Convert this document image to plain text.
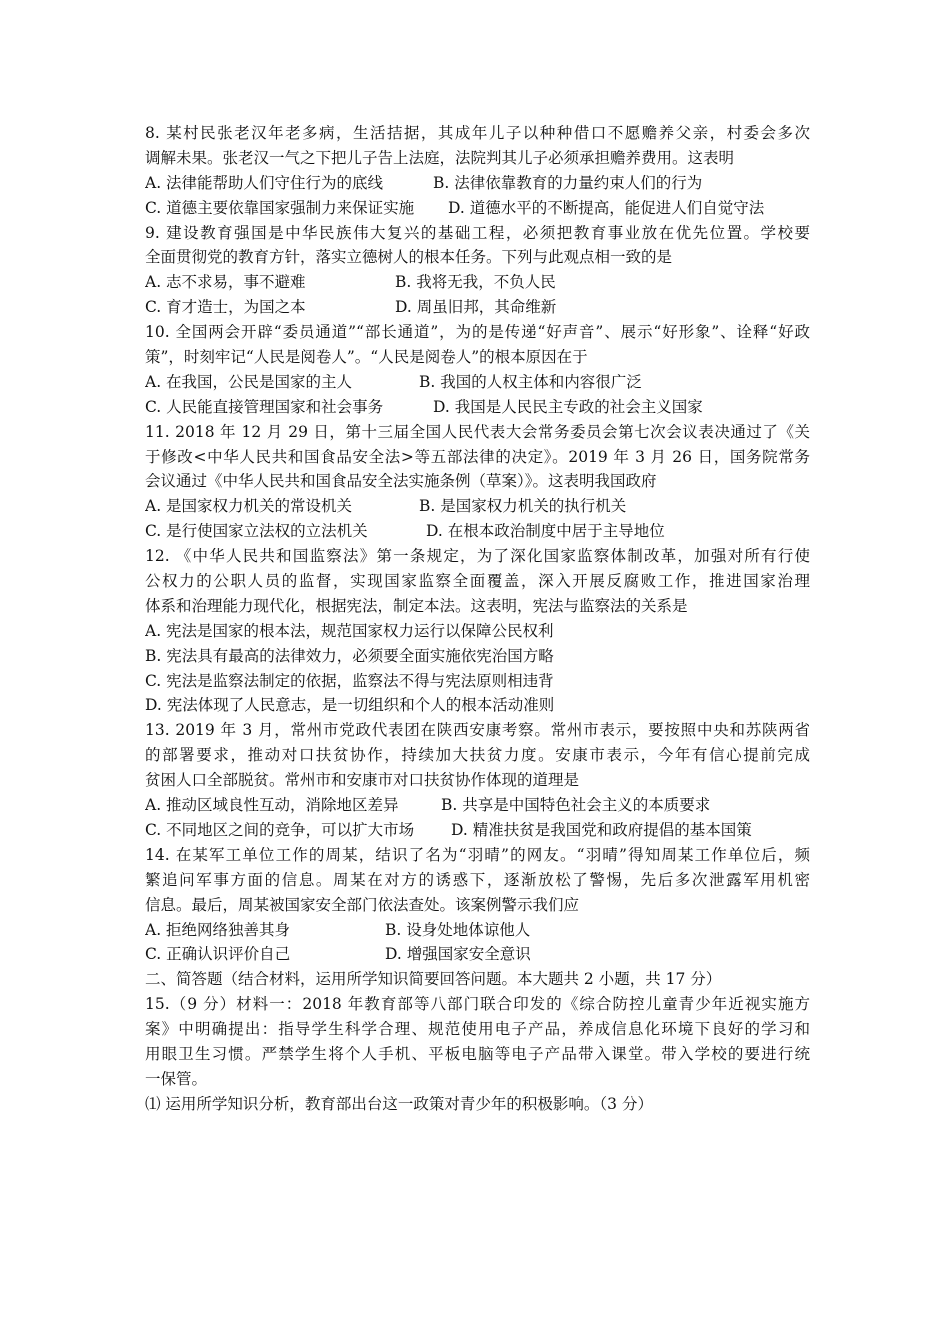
8. 某村民张老汉年老多病，生活拮据，其成年儿子以种种借口不愿赡养父亲，村委会多次
调解未果。张老汉一气之下把儿子告上法庭，法院判其儿子必须承担赡养费用。这表明
A. 法律能帮助人们守住行为的底线	B. 法律依靠教育的力量约束人们的行为
C. 道德主要依靠国家强制力来保证实施 D. 道德水平的不断提高，能促进人们自觉守法
9. 建设教育强国是中华民族伟大复兴的基础工程，必须把教育事业放在优先位置。学校要
全面贯彻党的教育方针，落实立德树人的根本任务。下列与此观点相一致的是
A. 志不求易，事不避难	B. 我将无我，不负人民
C. 育才造士，为国之本	D. 周虽旧邦，其命维新
10. 全国两会开辟“委员通道”“部长通道”，为的是传递“好声音”、展示“好形象”、诠释“好政
策”，时刻牢记“人民是阅卷人”。“人民是阅卷人”的根本原因在于
A. 在我国，公民是国家的主人	B. 我国的人权主体和内容很广泛
C. 人民能直接管理国家和社会事务	D. 我国是人民民主专政的社会主义国家
11. 2018 年 12 月 29 日，第十三届全国人民代表大会常务委员会第七次会议表决通过了《关
于修改<中华人民共和国食品安全法>等五部法律的决定》。2019 年 3 月 26 日，国务院常务
会议通过《中华人民共和国食品安全法实施条例（草案）》。这表明我国政府
A. 是国家权力机关的常设机关	B. 是国家权力机关的执行机关
C. 是行使国家立法权的立法机关	D. 在根本政治制度中居于主导地位
12. 《中华人民共和国监察法》第一条规定，为了深化国家监察体制改革，加强对所有行使
公权力的公职人员的监督，实现国家监察全面覆盖，深入开展反腐败工作，推进国家治理
体系和治理能力现代化，根据宪法，制定本法。这表明，宪法与监察法的关系是
A. 宪法是国家的根本法，规范国家权力运行以保障公民权利
B. 宪法具有最高的法律效力，必须要全面实施依宪治国方略
C. 宪法是监察法制定的依据，监察法不得与宪法原则相违背
D. 宪法体现了人民意志，是一切组织和个人的根本活动准则
13. 2019 年 3 月，常州市党政代表团在陕西安康考察。常州市表示，要按照中央和苏陕两省
的部署要求，推动对口扶贫协作，持续加大扶贫力度。安康市表示，今年有信心提前完成
贫困人口全部脱贫。常州市和安康市对口扶贫协作体现的道理是
A. 推动区域良性互动，消除地区差异	B. 共享是中国特色社会主义的本质要求
C. 不同地区之间的竞争，可以扩大市场 D. 精准扶贫是我国党和政府提倡的基本国策
14. 在某军工单位工作的周某，结识了名为“羽晴”的网友。“羽晴”得知周某工作单位后，频
繁追问军事方面的信息。周某在对方的诱惑下，逐渐放松了警惕，先后多次泄露军用机密
信息。最后，周某被国家安全部门依法查处。该案例警示我们应
A. 拒绝网络独善其身	B. 设身处地体谅他人
C. 正确认识评价自己	D. 增强国家安全意识
二、简答题（结合材料，运用所学知识简要回答问题。本大题共 2 小题，共 17 分）
15.（9 分）材料一：2018 年教育部等八部门联合印发的《综合防控儿童青少年近视实施方
案》中明确提出：指导学生科学合理、规范使用电子产品，养成信息化环境下良好的学习和
用眼卫生习惯。严禁学生将个人手机、平板电脑等电子产品带入课堂。带入学校的要进行统
一保管。
⑴ 运用所学知识分析，教育部出台这一政策对青少年的积极影响。（3 分）
